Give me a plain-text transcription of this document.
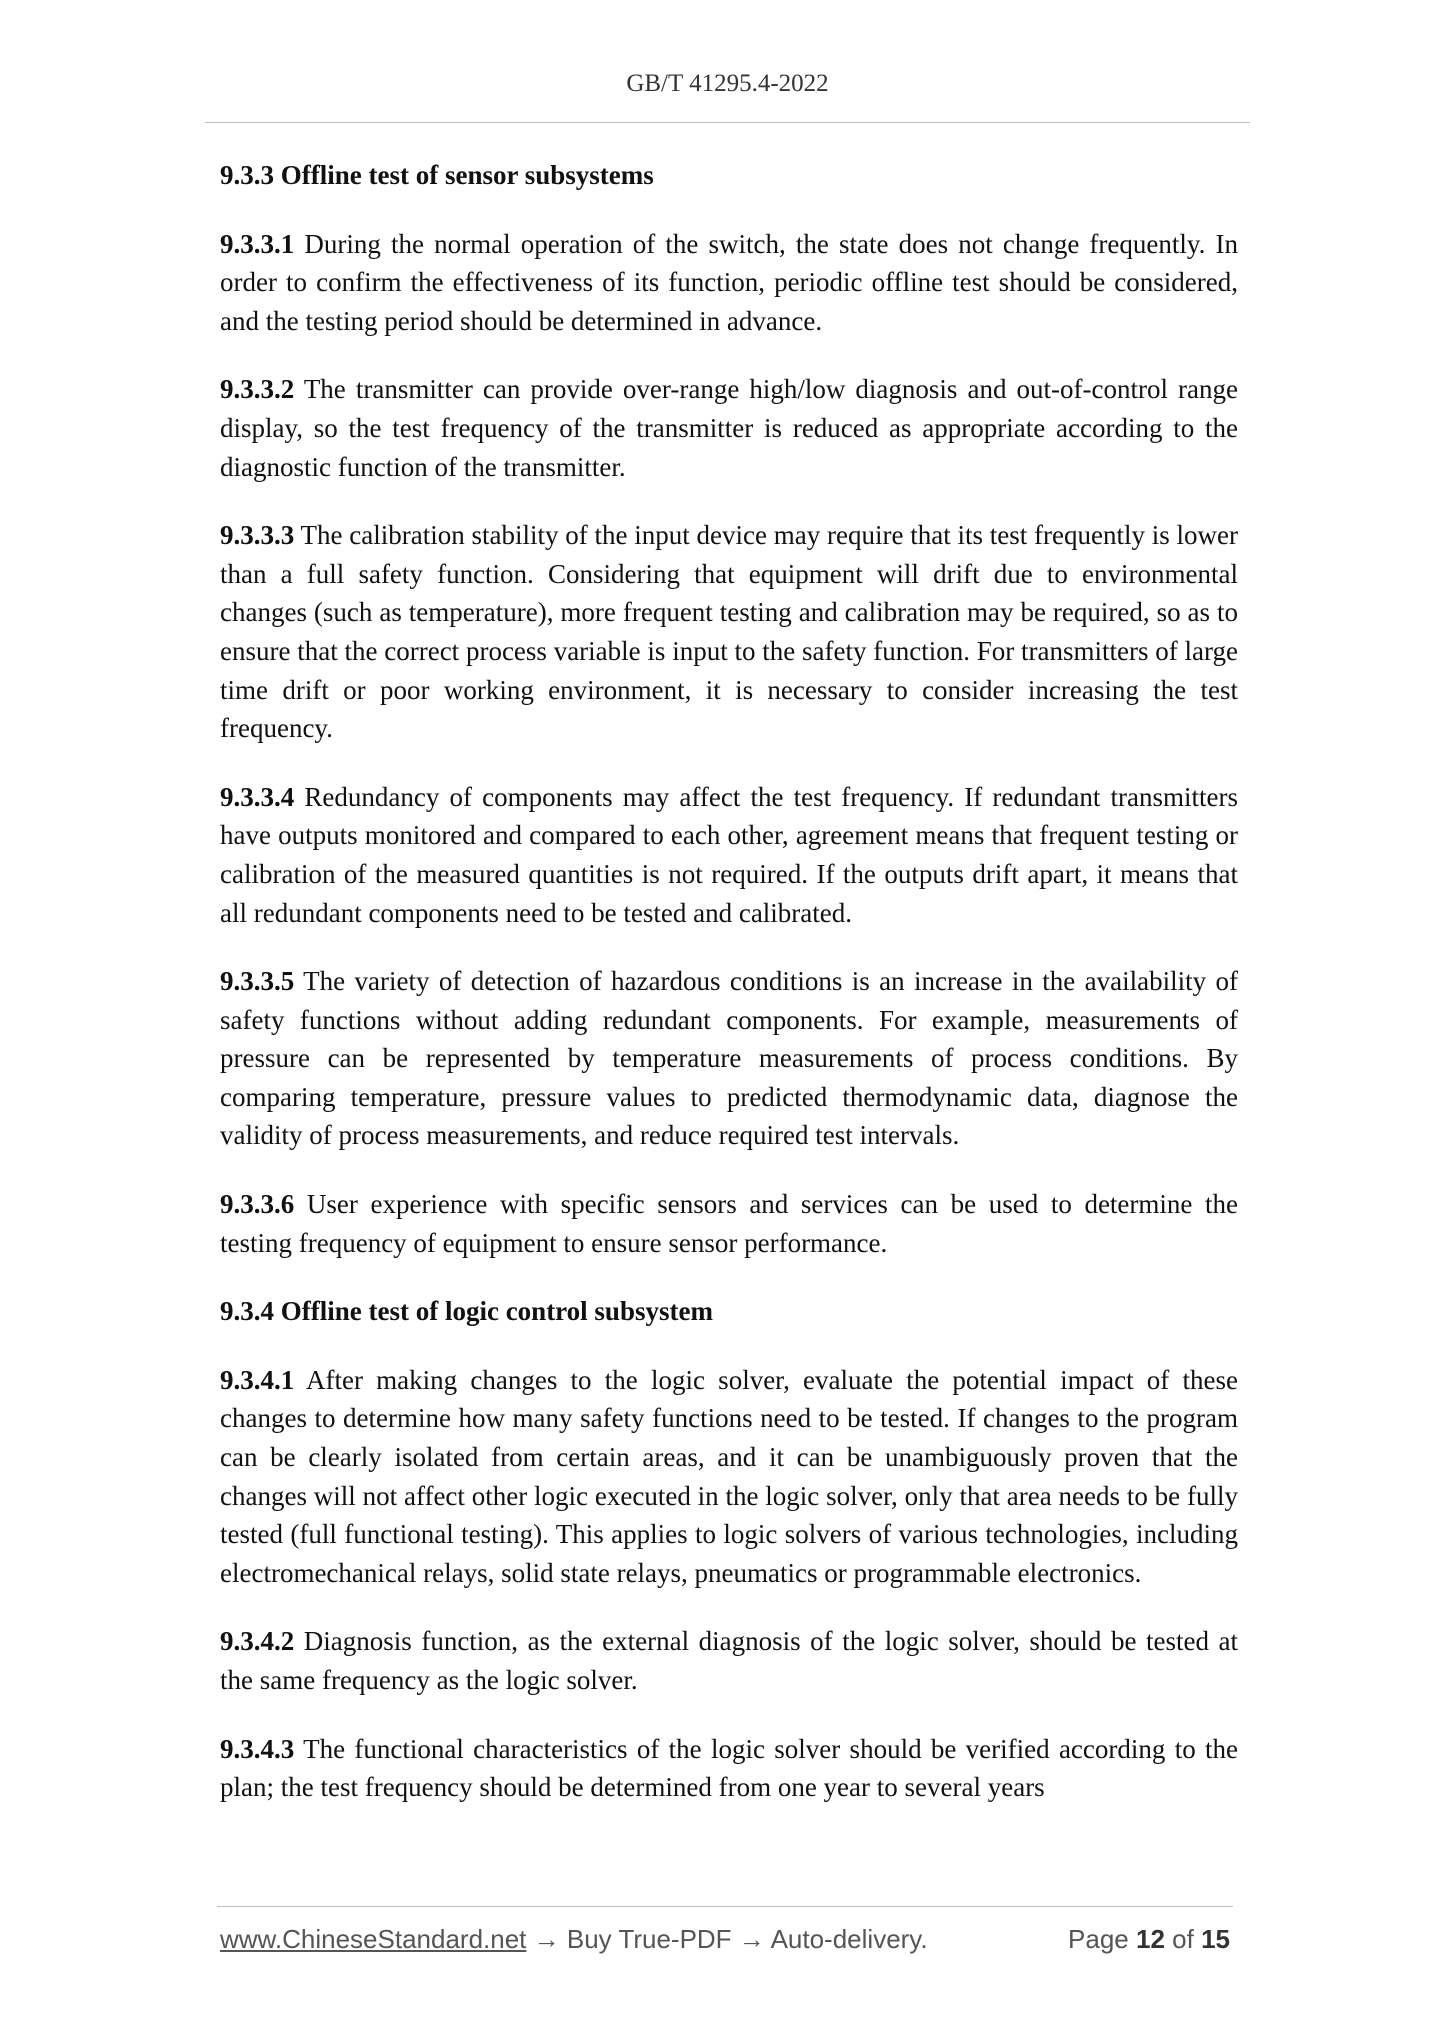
GB/T 41295.4-2022
9.3.3 Offline test of sensor subsystems

9.3.3.1 During the normal operation of the switch, the state does not change frequently. In order to confirm the effectiveness of its function, periodic offline test should be considered, and the testing period should be determined in advance.

9.3.3.2 The transmitter can provide over-range high/low diagnosis and out-of-control range display, so the test frequency of the transmitter is reduced as appropriate according to the diagnostic function of the transmitter.

9.3.3.3 The calibration stability of the input device may require that its test frequently is lower than a full safety function. Considering that equipment will drift due to environmental changes (such as temperature), more frequent testing and calibration may be required, so as to ensure that the correct process variable is input to the safety function. For transmitters of large time drift or poor working environment, it is necessary to consider increasing the test frequency.

9.3.3.4 Redundancy of components may affect the test frequency. If redundant transmitters have outputs monitored and compared to each other, agreement means that frequent testing or calibration of the measured quantities is not required. If the outputs drift apart, it means that all redundant components need to be tested and calibrated.

9.3.3.5 The variety of detection of hazardous conditions is an increase in the availability of safety functions without adding redundant components. For example, measurements of pressure can be represented by temperature measurements of process conditions. By comparing temperature, pressure values to predicted thermodynamic data, diagnose the validity of process measurements, and reduce required test intervals.

9.3.3.6 User experience with specific sensors and services can be used to determine the testing frequency of equipment to ensure sensor performance.

9.3.4 Offline test of logic control subsystem

9.3.4.1 After making changes to the logic solver, evaluate the potential impact of these changes to determine how many safety functions need to be tested. If changes to the program can be clearly isolated from certain areas, and it can be unambiguously proven that the changes will not affect other logic executed in the logic solver, only that area needs to be fully tested (full functional testing). This applies to logic solvers of various technologies, including electromechanical relays, solid state relays, pneumatics or programmable electronics.

9.3.4.2 Diagnosis function, as the external diagnosis of the logic solver, should be tested at the same frequency as the logic solver.

9.3.4.3 The functional characteristics of the logic solver should be verified according to the plan; the test frequency should be determined from one year to several years

www.ChineseStandard.net → Buy True-PDF → Auto-delivery.	Page 12 of 15
